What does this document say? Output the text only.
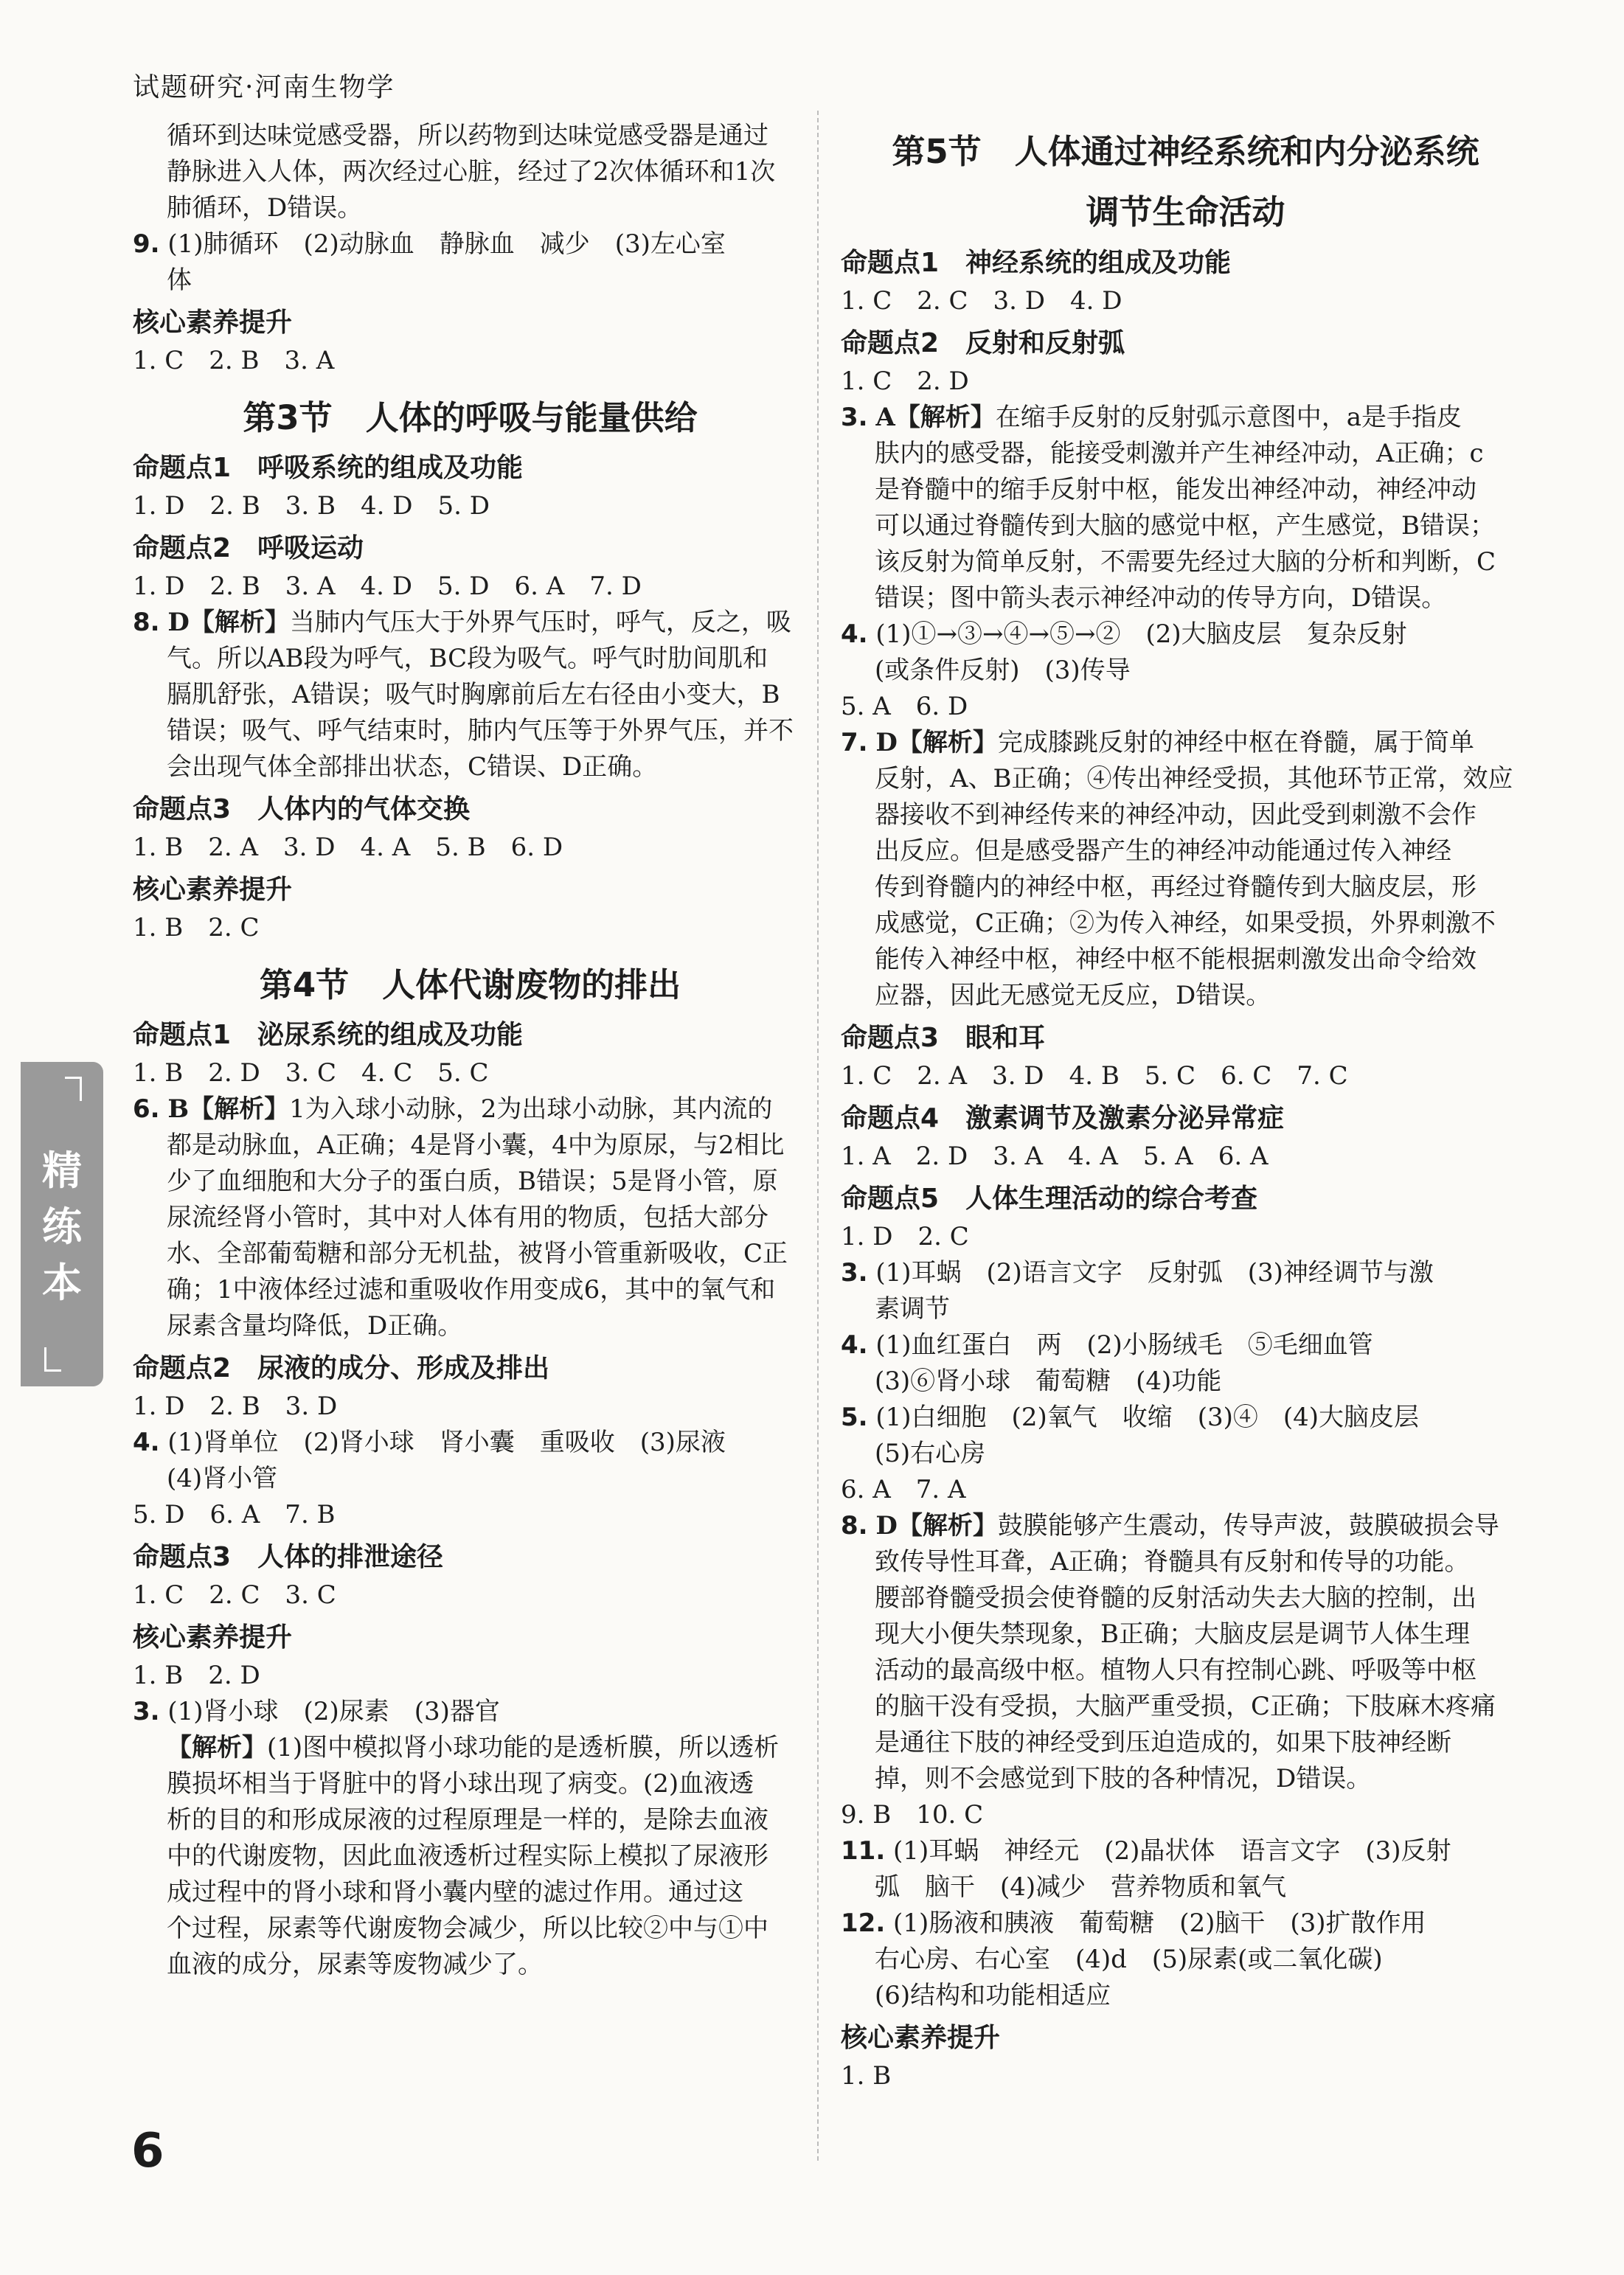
试题研究·河南生物学
循环到达味觉感受器，所以药物到达味觉感受器是通过
静脉进入人体，两次经过心脏，经过了2次体循环和1次
肺循环，D错误。
9. (1)肺循环　(2)动脉血　静脉血　减少　(3)左心室
体
核心素养提升
1. C　2. B　3. A
第3节　人体的呼吸与能量供给
命题点1　呼吸系统的组成及功能
1. D　2. B　3. B　4. D　5. D
命题点2　呼吸运动
1. D　2. B　3. A　4. D　5. D　6. A　7. D
8. D【解析】当肺内气压大于外界气压时，呼气，反之，吸
气。所以AB段为呼气，BC段为吸气。呼气时肋间肌和
膈肌舒张，A错误；吸气时胸廓前后左右径由小变大，B
错误；吸气、呼气结束时，肺内气压等于外界气压，并不
会出现气体全部排出状态，C错误、D正确。
命题点3　人体内的气体交换
1. B　2. A　3. D　4. A　5. B　6. D
核心素养提升
1. B　2. C
第4节　人体代谢废物的排出
命题点1　泌尿系统的组成及功能
1. B　2. D　3. C　4. C　5. C
6. B【解析】1为入球小动脉，2为出球小动脉，其内流的
都是动脉血，A正确；4是肾小囊，4中为原尿，与2相比
少了血细胞和大分子的蛋白质，B错误；5是肾小管，原
尿流经肾小管时，其中对人体有用的物质，包括大部分
水、全部葡萄糖和部分无机盐，被肾小管重新吸收，C正
确；1中液体经过滤和重吸收作用变成6，其中的氧气和
尿素含量均降低，D正确。
命题点2　尿液的成分、形成及排出
1. D　2. B　3. D
4. (1)肾单位　(2)肾小球　肾小囊　重吸收　(3)尿液
(4)肾小管
5. D　6. A　7. B
命题点3　人体的排泄途径
1. C　2. C　3. C
核心素养提升
1. B　2. D
3. (1)肾小球　(2)尿素　(3)器官
【解析】(1)图中模拟肾小球功能的是透析膜，所以透析
膜损坏相当于肾脏中的肾小球出现了病变。(2)血液透
析的目的和形成尿液的过程原理是一样的，是除去血液
中的代谢废物，因此血液透析过程实际上模拟了尿液形
成过程中的肾小球和肾小囊内壁的滤过作用。通过这
个过程，尿素等代谢废物会减少，所以比较②中与①中
血液的成分，尿素等废物减少了。
第5节　人体通过神经系统和内分泌系统
调节生命活动
命题点1　神经系统的组成及功能
1. C　2. C　3. D　4. D
命题点2　反射和反射弧
1. C　2. D
3. A【解析】在缩手反射的反射弧示意图中，a是手指皮
肤内的感受器，能接受刺激并产生神经冲动，A正确；c
是脊髓中的缩手反射中枢，能发出神经冲动，神经冲动
可以通过脊髓传到大脑的感觉中枢，产生感觉，B错误；
该反射为简单反射，不需要先经过大脑的分析和判断，C
错误；图中箭头表示神经冲动的传导方向，D错误。
4. (1)①→③→④→⑤→②　(2)大脑皮层　复杂反射
(或条件反射)　(3)传导
5. A　6. D
7. D【解析】完成膝跳反射的神经中枢在脊髓，属于简单
反射，A、B正确；④传出神经受损，其他环节正常，效应
器接收不到神经传来的神经冲动，因此受到刺激不会作
出反应。但是感受器产生的神经冲动能通过传入神经
传到脊髓内的神经中枢，再经过脊髓传到大脑皮层，形
成感觉，C正确；②为传入神经，如果受损，外界刺激不
能传入神经中枢，神经中枢不能根据刺激发出命令给效
应器，因此无感觉无反应，D错误。
命题点3　眼和耳
1. C　2. A　3. D　4. B　5. C　6. C　7. C
命题点4　激素调节及激素分泌异常症
1. A　2. D　3. A　4. A　5. A　6. A
命题点5　人体生理活动的综合考查
1. D　2. C
3. (1)耳蜗　(2)语言文字　反射弧　(3)神经调节与激
素调节
4. (1)血红蛋白　两　(2)小肠绒毛　⑤毛细血管
(3)⑥肾小球　葡萄糖　(4)功能
5. (1)白细胞　(2)氧气　收缩　(3)④　(4)大脑皮层
(5)右心房
6. A　7. A
8. D【解析】鼓膜能够产生震动，传导声波，鼓膜破损会导
致传导性耳聋，A正确；脊髓具有反射和传导的功能。
腰部脊髓受损会使脊髓的反射活动失去大脑的控制，出
现大小便失禁现象，B正确；大脑皮层是调节人体生理
活动的最高级中枢。植物人只有控制心跳、呼吸等中枢
的脑干没有受损，大脑严重受损，C正确；下肢麻木疼痛
是通往下肢的神经受到压迫造成的，如果下肢神经断
掉，则不会感觉到下肢的各种情况，D错误。
9. B　10. C
11. (1)耳蜗　神经元　(2)晶状体　语言文字　(3)反射
弧　脑干　(4)减少　营养物质和氧气
12. (1)肠液和胰液　葡萄糖　(2)脑干　(3)扩散作用
右心房、右心室　(4)d　(5)尿素(或二氧化碳)
(6)结构和功能相适应
核心素养提升
1. B
精
练
本
6
